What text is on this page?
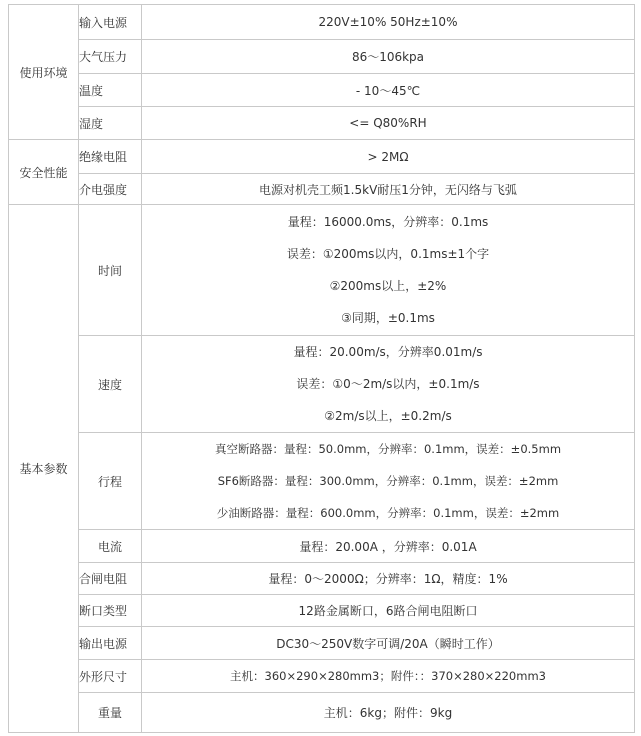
使用环境	输入电源	220V±10% 50Hz±10%
	大气压力	86～106kpa
	温度	- 10～45℃
	湿度	<= Q80%RH
安全性能	绝缘电阻	> 2MΩ
	介电强度	电源对机壳工频1.5kV耐压1分钟，无闪络与飞弧
基本参数	时间	量程：16000.0ms，分辨率：0.1ms
误差：①200ms以内，0.1ms±1个字
②200ms以上，±2%
③同期，±0.1ms

	速度	量程：20.00m/s，分辨率0.01m/s
误差：①0～2m/s以内，±0.1m/s
②2m/s以上，±0.2m/s

	行程	真空断路器：量程：50.0mm，分辨率：0.1mm，误差：±0.5mm
SF6断路器：量程：300.0mm，分辨率：0.1mm，误差：±2mm
少油断路器：量程：600.0mm，分辨率：0.1mm，误差：±2mm

	电流	量程：20.00A ，分辨率：0.01A
	合闸电阻	量程：0～2000Ω；分辨率：1Ω，精度：1%
	断口类型	12路金属断口，6路合闸电阻断口
	输出电源	DC30～250V数字可调/20A（瞬时工作）
	外形尺寸	主机：360×290×280mm3；附件：：370×280×220mm3
	重量	主机：6kg；附件：9kg
